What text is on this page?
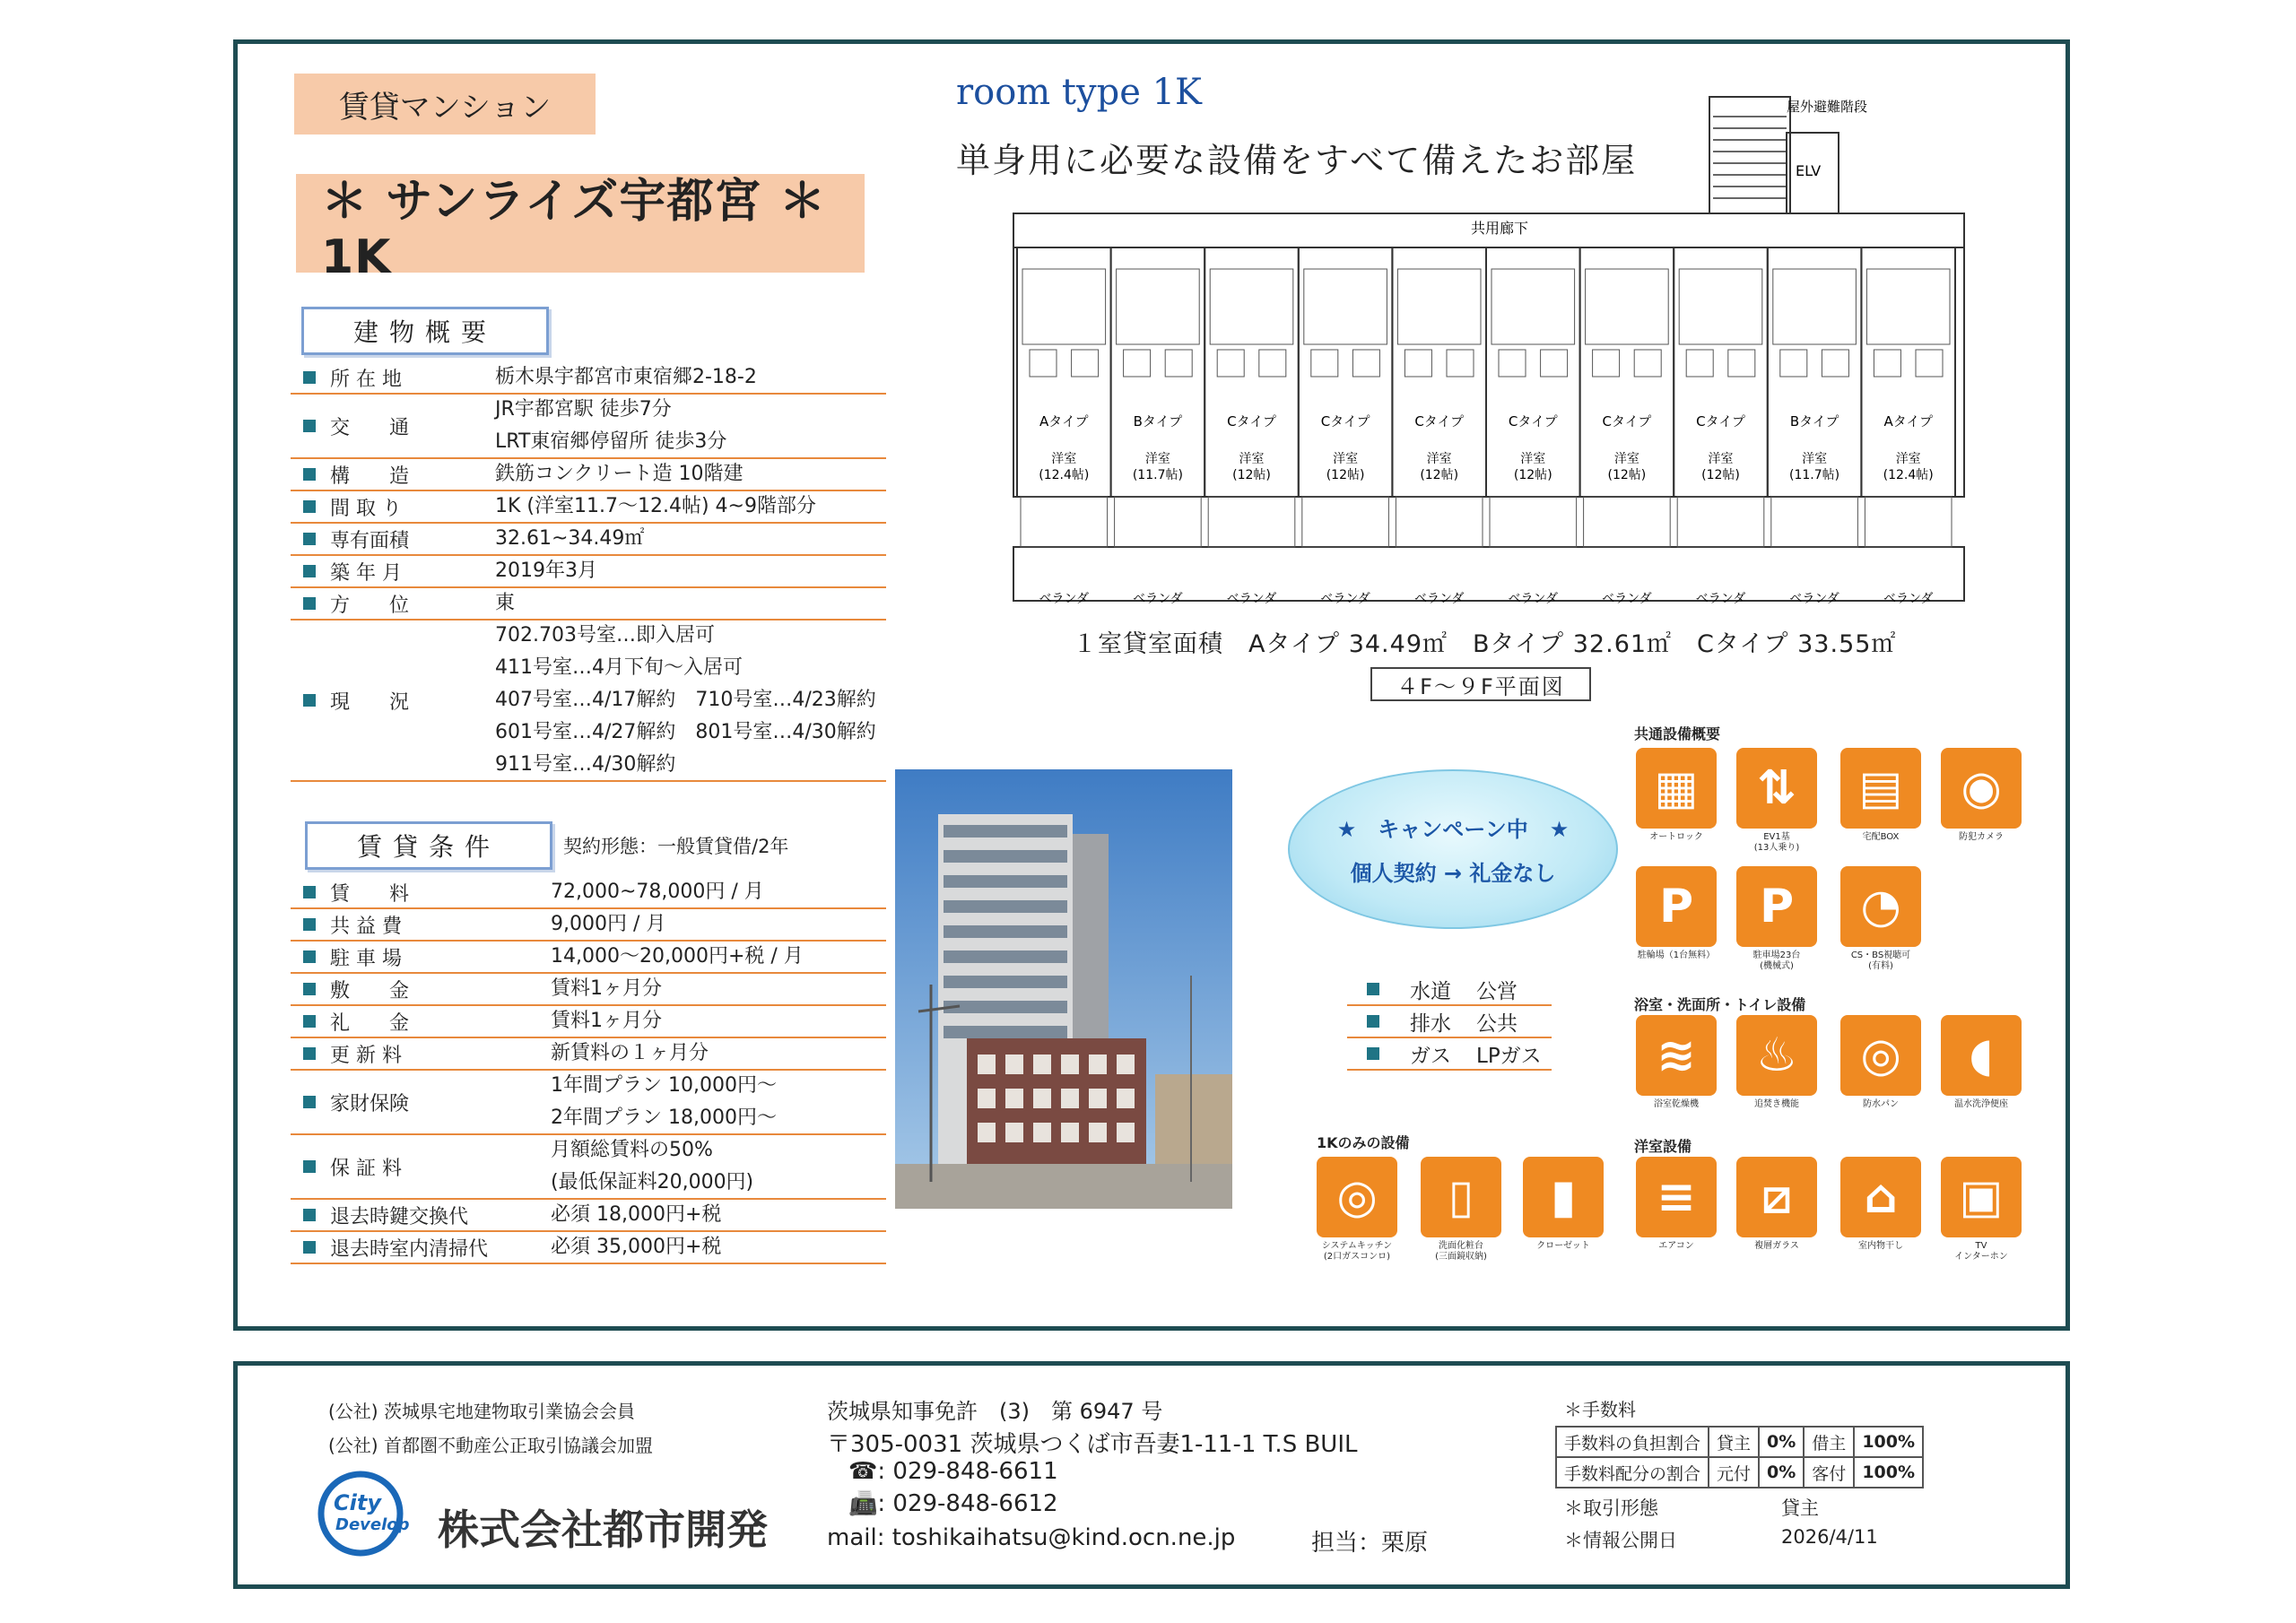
賃貸マンション
＊ サンライズ宇都宮 ＊ 1K
建物概要
所 在 地	栃木県宇都宮市東宿郷2-18-2
交　　通
JR宇都宮駅 徒歩7分
LRT東宿郷停留所 徒歩3分
構　　造	鉄筋コンクリート造 10階建
間 取 り	1K (洋室11.7～12.4帖) 4~9階部分
専有面積	32.61~34.49㎡
築 年 月	2019年3月
方　　位	東
現　　況
702.703号室…即入居可
411号室…4月下旬～入居可
407号室…4/17解約　710号室…4/23解約
601号室…4/27解約　801号室…4/30解約
911号室…4/30解約
賃貸条件	契約形態：一般賃貸借/2年
賃　　料	72,000~78,000円 / 月
共 益 費	9,000円 / 月
駐 車 場	14,000～20,000円+税 / 月
敷　　金	賃料1ヶ月分
礼　　金	賃料1ヶ月分
更 新 料	新賃料の１ヶ月分
家財保険
1年間プラン 10,000円～
2年間プラン 18,000円～
保 証 料
月額総賃料の50%
(最低保証料20,000円)
退去時鍵交換代	必須 18,000円+税
退去時室内清掃代	必須 35,000円+税
room type 1K
単身用に必要な設備をすべて備えたお部屋
屋外避難階段
ELV
共用廊下
Aタイプ
洋室
(12.4帖)
ベランダ
Bタイプ
洋室
(11.7帖)
ベランダ
Cタイプ
洋室
(12帖)
ベランダ
Cタイプ
洋室
(12帖)
ベランダ
Cタイプ
洋室
(12帖)
ベランダ
Cタイプ
洋室
(12帖)
ベランダ
Cタイプ
洋室
(12帖)
ベランダ
Cタイプ
洋室
(12帖)
ベランダ
Bタイプ
洋室
(11.7帖)
ベランダ
Aタイプ
洋室
(12.4帖)
ベランダ
１室貸室面積　Aタイプ 34.49㎡　Bタイプ 32.61㎡　Cタイプ 33.55㎡
４F～９F平面図
★　キャンペーン中　★
個人契約 → 礼金なし
水道 公営
排水 公共
ガス LPガス
共通設備概要
▦
オートロック
⇅
EV1基
(13人乗り)
▤
宅配BOX
◉
防犯カメラ
P
駐輪場（1台無料）
P
駐車場23台
(機械式)
◔
CS・BS視聴可
(有料)
浴室・洗面所・トイレ設備
≋
浴室乾燥機
♨
追焚き機能
◎
防水パン
◖
温水洗浄便座
1Kのみの設備
◎
システムキッチン
(2口ガスコンロ)
▯
洗面化粧台
(三面鏡収納)
▮
クローゼット
洋室設備
≡
エアコン
⧄
複層ガラス
⌂
室内物干し
▣
TV
インターホン
(公社) 茨城県宅地建物取引業協会会員
(公社) 首都圏不動産公正取引協議会加盟
City
Develop 株式会社都市開発
茨城県知事免許　(3)　第 6947 号
〒305-0031 茨城県つくば市吾妻1-11-1 T.S BUIL
☎: 029-848-6611
📠: 029-848-6612
mail: toshikaihatsu@kind.ocn.ne.jp	担当：栗原
＊手数料
手数料の負担割合	貸主	0%	借主	100%
手数料配分の割合	元付	0%	客付	100%
＊取引形態	貸主
＊情報公開日	2026/4/11
